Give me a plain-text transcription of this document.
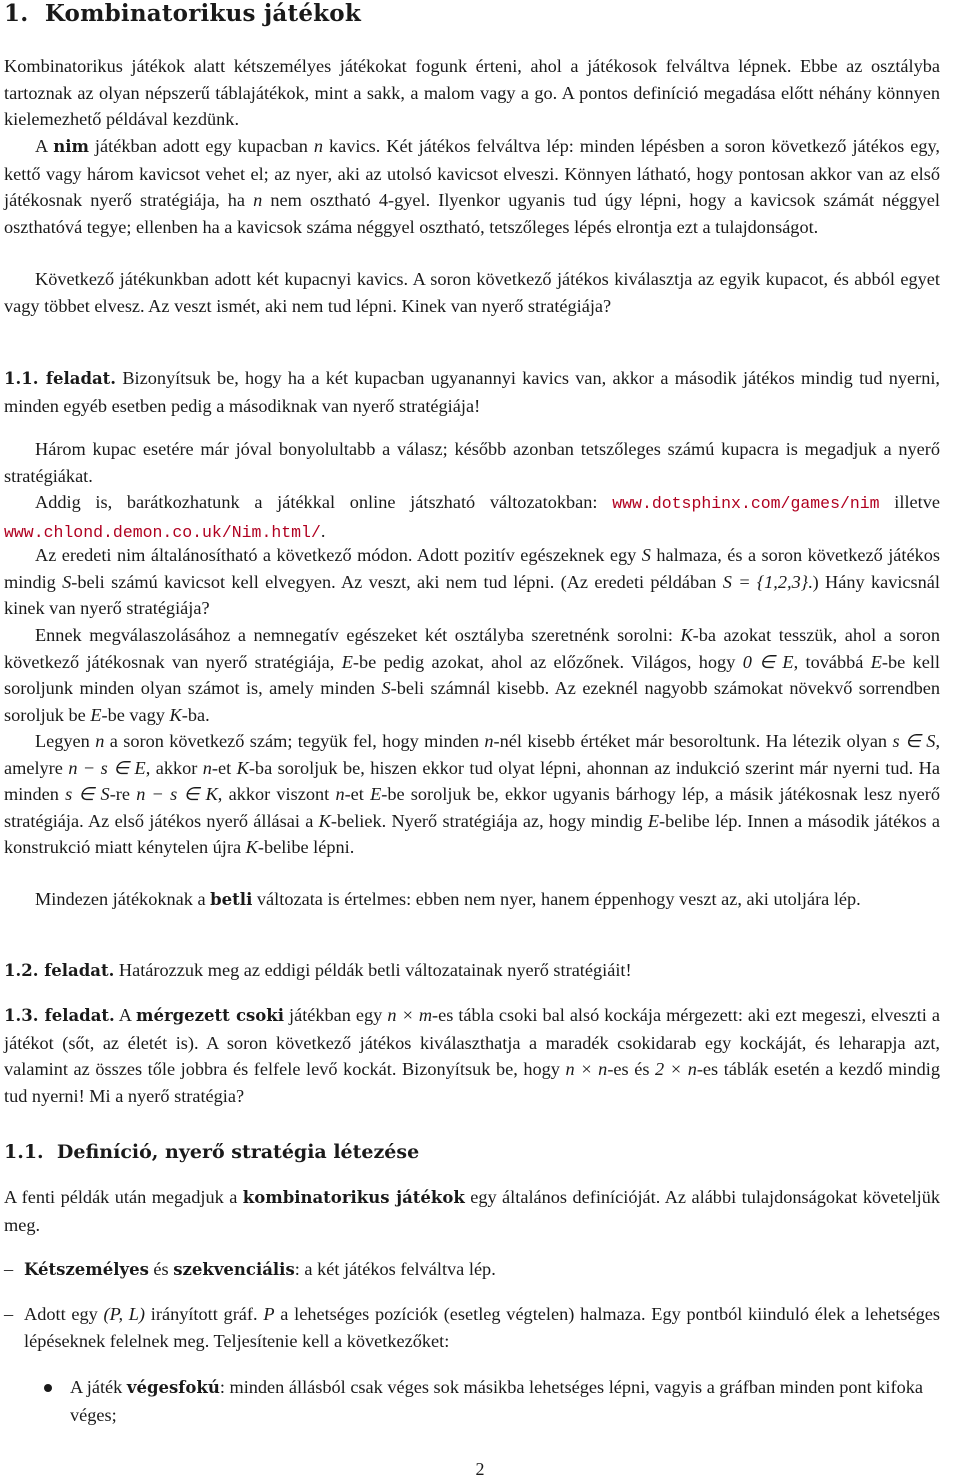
1. Kombinatorikus játékok

Kombinatorikus játékok alatt kétszemélyes játékokat fogunk érteni, ahol a játékosok felváltva lépnek. Ebbe az osztályba tartoznak az olyan népszerű táblajátékok, mint a sakk, a malom vagy a go. A pontos definíció megadása előtt néhány könnyen kielemezhető példával kezdünk.

A nim játékban adott egy kupacban n kavics. Két játékos felváltva lép: minden lépésben a soron következő játékos egy, kettő vagy három kavicsot vehet el; az nyer, aki az utolsó kavicsot elveszi. Könnyen látható, hogy pontosan akkor van az első játékosnak nyerő stratégiája, ha n nem osztható 4-gyel. Ilyenkor ugyanis tud úgy lépni, hogy a kavicsok számát néggyel oszthatóvá tegye; ellenben ha a kavicsok száma néggyel osztható, tetszőleges lépés elrontja ezt a tulajdonságot.

Következő játékunkban adott két kupacnyi kavics. A soron következő játékos kiválasztja az egyik kupacot, és abból egyet vagy többet elvesz. Az veszt ismét, aki nem tud lépni. Kinek van nyerő stratégiája?

1.1. feladat. Bizonyítsuk be, hogy ha a két kupacban ugyanannyi kavics van, akkor a második játékos mindig tud nyerni, minden egyéb esetben pedig a másodiknak van nyerő stratégiája!

Három kupac esetére már jóval bonyolultabb a válasz; később azonban tetszőleges számú kupacra is megadjuk a nyerő stratégiákat.

Addig is, barátkozhatunk a játékkal online játszható változatokban: www.dotsphinx.com/games/nim illetve www.chlond.demon.co.uk/Nim.html/.

Az eredeti nim általánosítható a következő módon. Adott pozitív egészeknek egy S halmaza, és a soron következő játékos mindig S-beli számú kavicsot kell elvegyen. Az veszt, aki nem tud lépni. (Az eredeti példában S = {1,2,3}.) Hány kavicsnál kinek van nyerő stratégiája?

Ennek megválaszolásához a nemnegatív egészeket két osztályba szeretnénk sorolni: K-ba azokat tesszük, ahol a soron következő játékosnak van nyerő stratégiája, E-be pedig azokat, ahol az előzőnek. Világos, hogy 0 ∈ E, továbbá E-be kell soroljunk minden olyan számot is, amely minden S-beli számnál kisebb. Az ezeknél nagyobb számokat növekvő sorrendben soroljuk be E-be vagy K-ba.

Legyen n a soron következő szám; tegyük fel, hogy minden n-nél kisebb értéket már besoroltunk. Ha létezik olyan s ∈ S, amelyre n − s ∈ E, akkor n-et K-ba soroljuk be, hiszen ekkor tud olyat lépni, ahonnan az indukció szerint már nyerni tud. Ha minden s ∈ S-re n − s ∈ K, akkor viszont n-et E-be soroljuk be, ekkor ugyanis bárhogy lép, a másik játékosnak lesz nyerő stratégiája. Az első játékos nyerő állásai a K-beliek. Nyerő stratégiája az, hogy mindig E-belibe lép. Innen a második játékos a konstrukció miatt kénytelen újra K-belibe lépni.

Mindezen játékoknak a betli változata is értelmes: ebben nem nyer, hanem éppenhogy veszt az, aki utoljára lép.

1.2. feladat. Határozzuk meg az eddigi példák betli változatainak nyerő stratégiáit!

1.3. feladat. A mérgezett csoki játékban egy n × m-es tábla csoki bal alsó kockája mérgezett: aki ezt megeszi, elveszti a játékot (sőt, az életét is). A soron következő játékos kiválaszthatja a maradék csokidarab egy kockáját, és leharapja azt, valamint az összes tőle jobbra és felfele levő kockát. Bizonyítsuk be, hogy n × n-es és 2 × n-es táblák esetén a kezdő mindig tud nyerni! Mi a nyerő stratégia?

1.1. Definíció, nyerő stratégia létezése

A fenti példák után megadjuk a kombinatorikus játékok egy általános definícióját. Az alábbi tulajdonságokat követeljük meg.

– Kétszemélyes és szekvenciális: a két játékos felváltva lép.
– Adott egy (P, L) irányított gráf. P a lehetséges pozíciók (esetleg végtelen) halmaza. Egy pontból kiinduló élek a lehetséges lépéseknek felelnek meg. Teljesítenie kell a következőket:
A játék végesfokú: minden állásból csak véges sok másikba lehetséges lépni, vagyis a gráfban minden pont kifoka véges;
2
